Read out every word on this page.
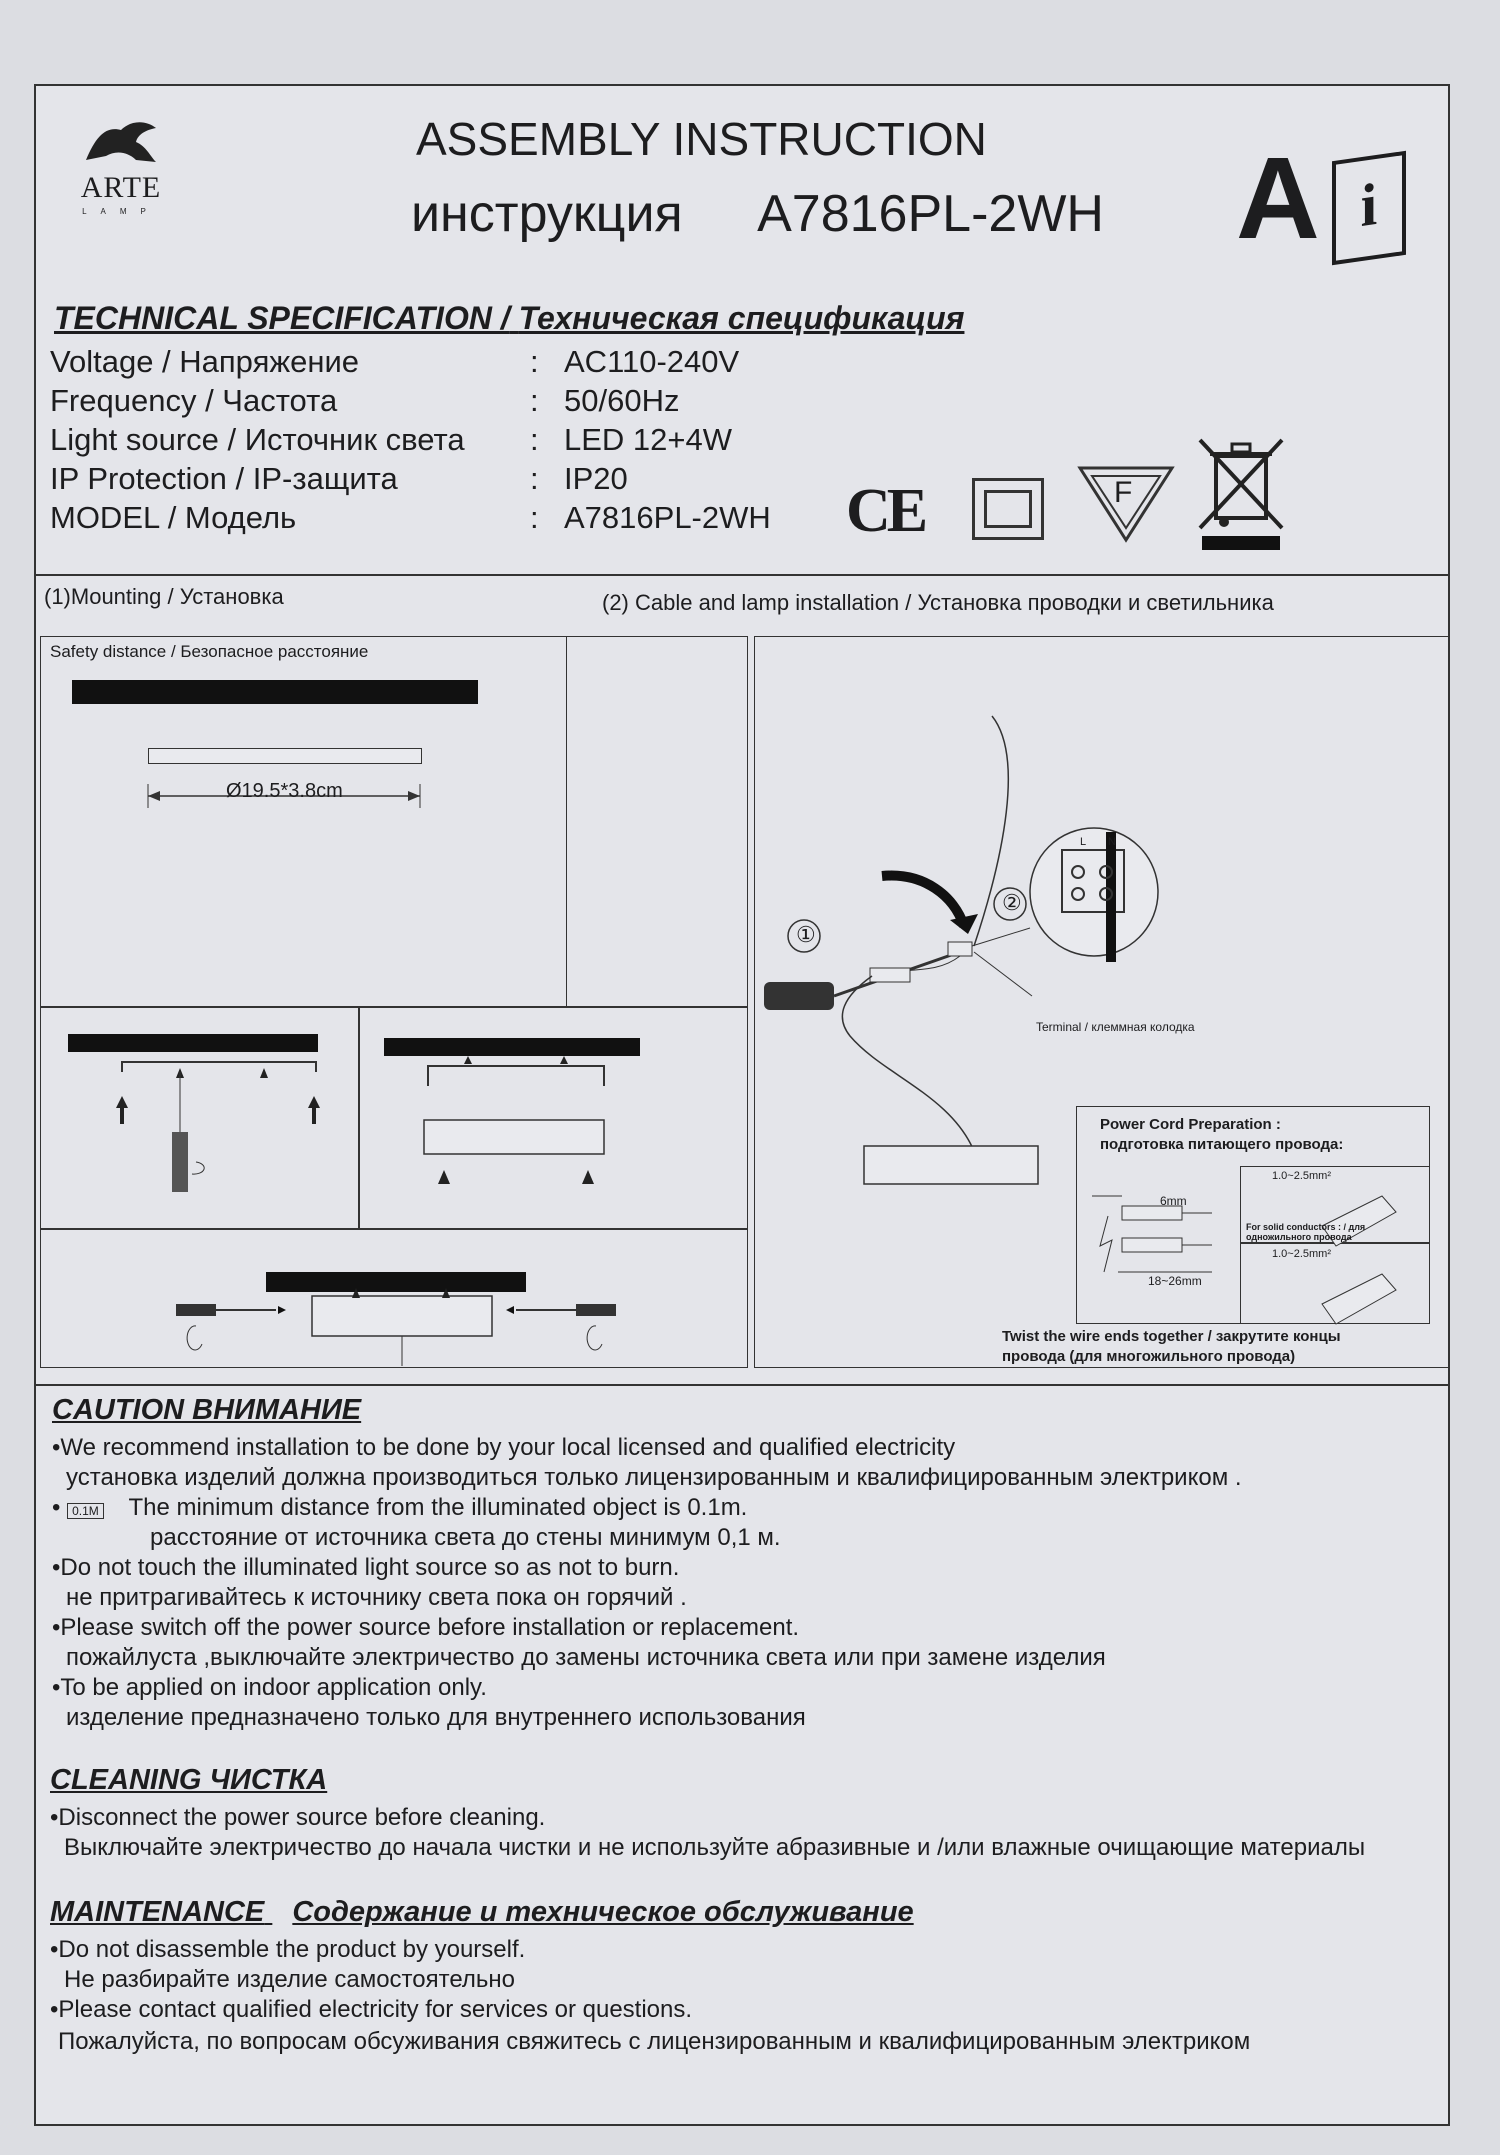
ARTE
LAMP
ASSEMBLY INSTRUCTION
инструкция A7816PL-2WH A i
TECHNICAL SPECIFICATION / Техническая спецификация
Voltage / Напряжение	: AC110-240V
Frequency / Частота	: 50/60Hz
Light source / Источник света	: LED 12+4W
IP Protection / IP-защита	: IP20
MODEL / Модель	: A7816PL-2WH CE	F
(1)Mounting / Установка	(2) Cable and lamp installation / Установка проводки и светильника
Safety distance / Безопасное расстояние
Ø19.5*3.8cm
①
②
L N
Terminal / клеммная колодка
Power Cord Preparation :
подготовка питающего провода:
6mm
18~26mm
1.0~2.5mm²
1.0~2.5mm²
For solid conductors : / для
одножильного провода
Twist the wire ends together / закрутите концы
провода (для многожильного провода)
CAUTION ВНИМАНИЕ
•We recommend installation to be done by your local licensed and qualified electricity
установка изделий должна производиться только лицензированным и квалифицированным электриком .
• 0.1M The minimum distance from the illuminated object is 0.1m.
расстояние от источника света до стены минимум 0,1 м.
•Do not touch the illuminated light source so as not to burn.
не притрагивайтесь к источнику света пока он горячий .
•Please switch off the power source before installation or replacement.
пожайлуста ,выключайте электричество до замены источника света или при замене изделия
•To be applied on indoor application only.
изделение предназначено только для внутреннего использования
CLEANING ЧИСТКА
•Disconnect the power source before cleaning.
Выключайте электричество до начала чистки и не используйте абразивные и /или влажные очищающие материалы
MAINTENANCE Содержание и техническое обслуживание
•Do not disassemble the product by yourself.
Не разбирайте изделие самостоятельно
•Please contact qualified electricity for services or questions.
Пожалуйста, по вопросам обсуживания свяжитесь с лицензированным и квалифицированным электриком
